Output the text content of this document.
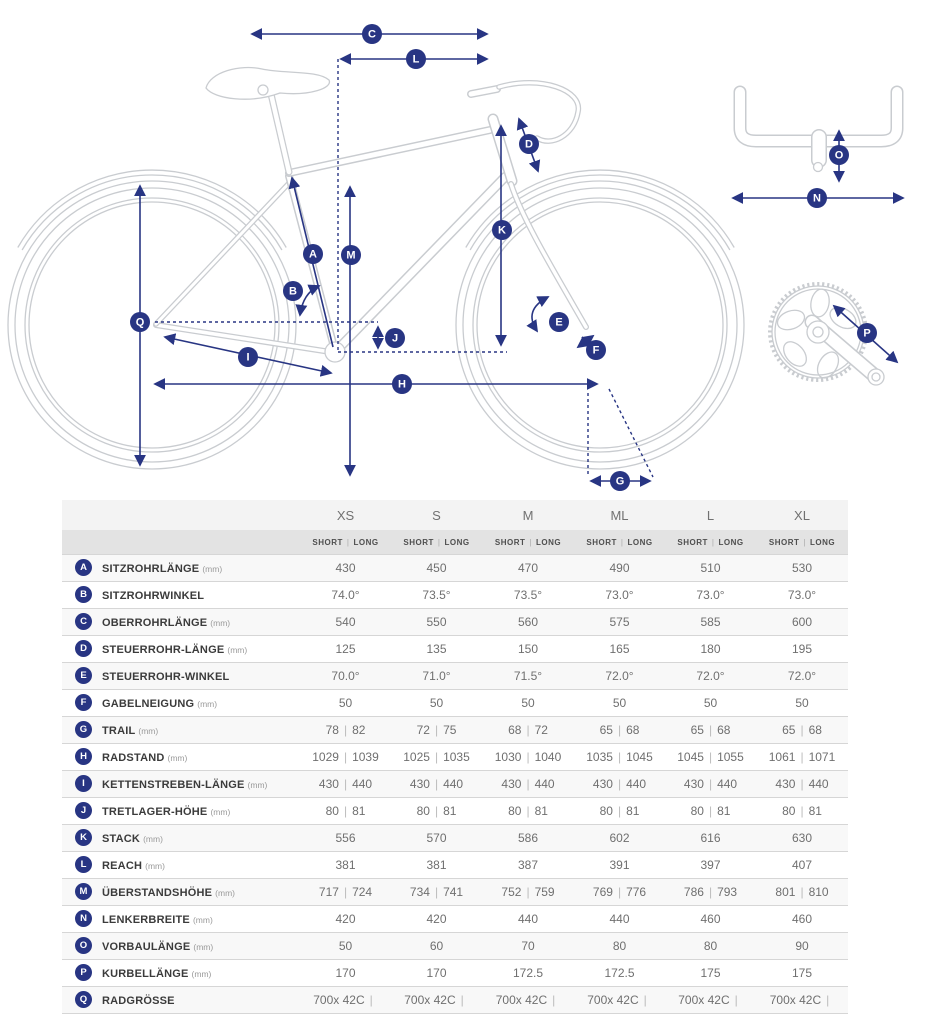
A
B
C
D
E
F
G
H
I
J
K
L
M
N
O
P
Q
	XS	S	M	ML	L	XL
	SHORT | LONG	SHORT | LONG	SHORT | LONG	SHORT | LONG	SHORT | LONG	SHORT | LONG
A SITZROHRLÄNGE (mm)	430	450	470	490	510	530
B SITZROHRWINKEL	74.0°	73.5°	73.5°	73.0°	73.0°	73.0°
C OBERROHRLÄNGE (mm)	540	550	560	575	585	600
D STEUERROHR-LÄNGE (mm)	125	135	150	165	180	195
E STEUERROHR-WINKEL	70.0°	71.0°	71.5°	72.0°	72.0°	72.0°
F GABELNEIGUNG (mm)	50	50	50	50	50	50
G TRAIL (mm)	78 | 82	72 | 75	68 | 72	65 | 68	65 | 68	65 | 68
H RADSTAND (mm)	1029 | 1039	1025 | 1035	1030 | 1040	1035 | 1045	1045 | 1055	1061 | 1071
I KETTENSTREBEN-LÄNGE (mm)	430 | 440	430 | 440	430 | 440	430 | 440	430 | 440	430 | 440
J TRETLAGER-HÖHE (mm)	80 | 81	80 | 81	80 | 81	80 | 81	80 | 81	80 | 81
K STACK (mm)	556	570	586	602	616	630
L REACH (mm)	381	381	387	391	397	407
M ÜBERSTANDSHÖHE (mm)	717 | 724	734 | 741	752 | 759	769 | 776	786 | 793	801 | 810
N LENKERBREITE (mm)	420	420	440	440	460	460
O VORBAULÄNGE (mm)	50	60	70	80	80	90
P KURBELLÄNGE (mm)	170	170	172.5	172.5	175	175
Q RADGRÖSSE	700x 42C |	700x 42C |	700x 42C |	700x 42C |	700x 42C |	700x 42C |
